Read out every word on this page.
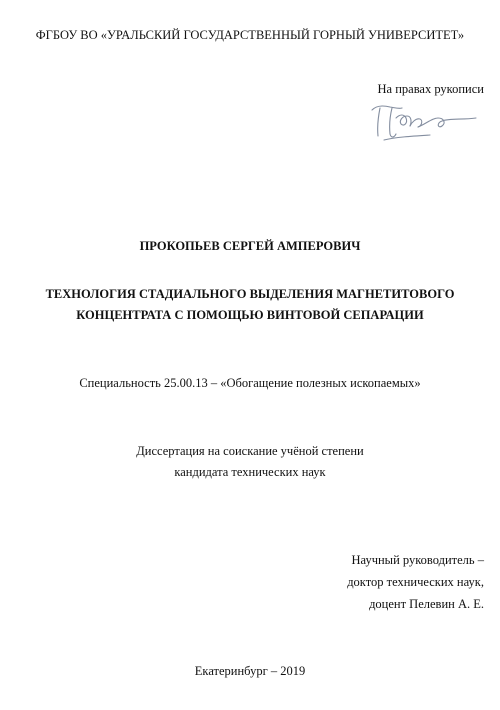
ФГБОУ ВО «УРАЛЬСКИЙ ГОСУДАРСТВЕННЫЙ ГОРНЫЙ УНИВЕРСИТЕТ»
На правах рукописи
ПРОКОПЬЕВ СЕРГЕЙ АМПЕРОВИЧ
ТЕХНОЛОГИЯ СТАДИАЛЬНОГО ВЫДЕЛЕНИЯ МАГНЕТИТОВОГО
КОНЦЕНТРАТА С ПОМОЩЬЮ ВИНТОВОЙ СЕПАРАЦИИ
Специальность 25.00.13 – «Обогащение полезных ископаемых»
Диссертация на соискание учёной степени
кандидата технических наук
Научный руководитель –
доктор технических наук,
доцент Пелевин А. Е.
Екатеринбург – 2019
